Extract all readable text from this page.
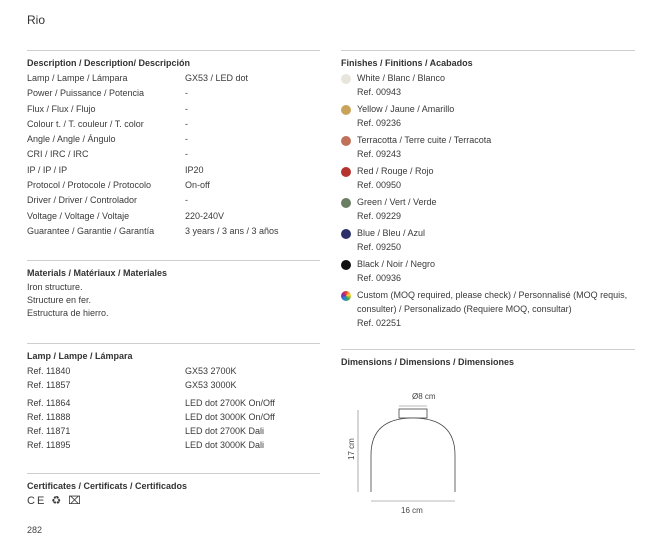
Rio
Description / Description/ Descripción
Lamp / Lampe / Lámpara	GX53 / LED dot
Power / Puissance / Potencia	-
Flux / Flux / Flujo	-
Colour t. / T. couleur / T. color	-
Angle / Angle / Ángulo	-
CRI / IRC / IRC	-
IP / IP / IP	IP20
Protocol / Protocole / Protocolo	On-off
Driver / Driver / Controlador	-
Voltage / Voltage / Voltaje	220-240V
Guarantee / Garantie / Garantía	3 years / 3 ans / 3 años
Materials / Matériaux / Materiales
Iron structure.
Structure en fer.
Estructura de hierro.
Lamp / Lampe / Lámpara
Ref. 11840	GX53 2700K
Ref. 11857	GX53 3000K
Ref. 11864	LED dot 2700K On/Off
Ref. 11888	LED dot 3000K On/Off
Ref. 11871	LED dot 2700K Dali
Ref. 11895	LED dot 3000K Dali
Certificates / Certificats / Certificados
CE ♻ ⌧
282
Finishes / Finitions / Acabados
White / Blanc / Blanco
Ref. 00943
Yellow / Jaune / Amarillo
Ref. 09236
Terracotta / Terre cuite / Terracota
Ref. 09243
Red / Rouge / Rojo
Ref. 00950
Green / Vert / Verde
Ref. 09229
Blue / Bleu / Azul
Ref. 09250
Black / Noir / Negro
Ref. 00936
Custom (MOQ required, please check) / Personnalisé (MOQ requis, consulter) / Personalizado (Requiere MOQ, consultar)
Ref. 02251
Dimensions / Dimensions / Dimensiones
Ø8 cm
17 cm
16 cm
